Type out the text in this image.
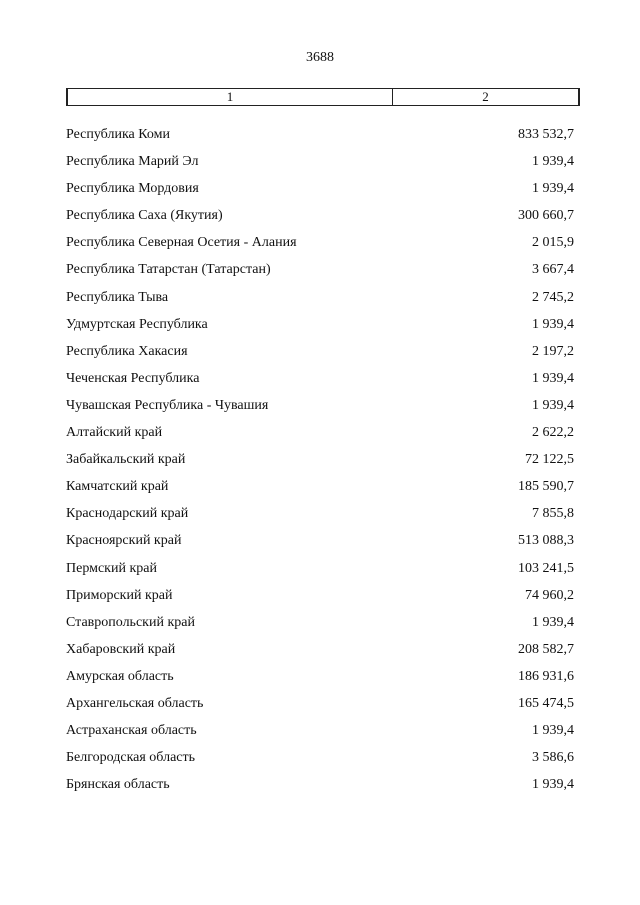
3688
1	2
Республика Коми	833 532,7
Республика Марий Эл	1 939,4
Республика Мордовия	1 939,4
Республика Саха (Якутия)	300 660,7
Республика Северная Осетия - Алания	2 015,9
Республика Татарстан (Татарстан)	3 667,4
Республика Тыва	2 745,2
Удмуртская Республика	1 939,4
Республика Хакасия	2 197,2
Чеченская Республика	1 939,4
Чувашская Республика - Чувашия	1 939,4
Алтайский край	2 622,2
Забайкальский край	72 122,5
Камчатский край	185 590,7
Краснодарский край	7 855,8
Красноярский край	513 088,3
Пермский край	103 241,5
Приморский край	74 960,2
Ставропольский край	1 939,4
Хабаровский край	208 582,7
Амурская область	186 931,6
Архангельская область	165 474,5
Астраханская область	1 939,4
Белгородская область	3 586,6
Брянская область	1 939,4
